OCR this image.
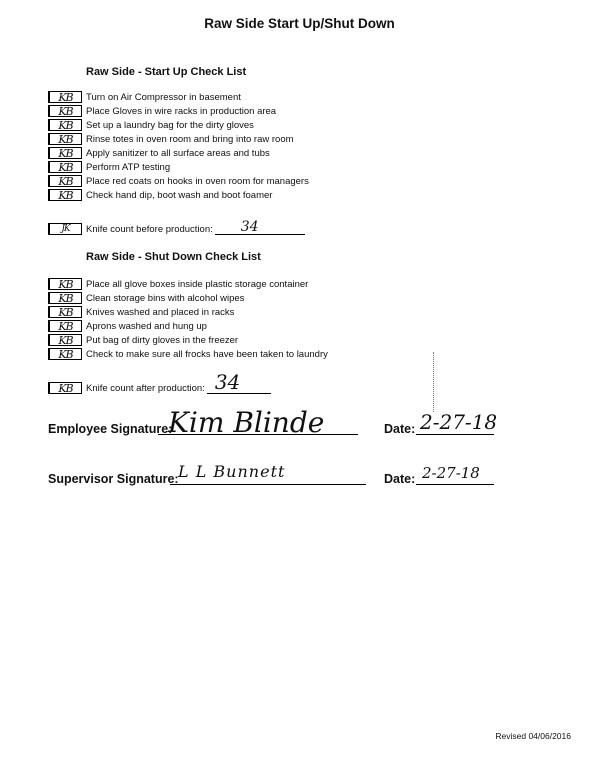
Raw Side Start Up/Shut Down
Raw Side - Start Up Check List
KB	Turn on Air Compressor in basement
KB	Place Gloves in wire racks in production area
KB	Set up a laundry bag for the dirty gloves
KB	Rinse totes in oven room and bring into raw room
KB	Apply sanitizer to all surface areas and tubs
KB	Perform ATP testing
KB	Place red coats on hooks in oven room for managers
KB	Check hand dip, boot wash and boot foamer
JK	Knife count before production: 34
Raw Side - Shut Down Check List
KB	Place all glove boxes inside plastic storage container
KB	Clean storage bins with alcohol wipes
KB	Knives washed and placed in racks
KB	Aprons washed and hung up
KB	Put bag of dirty gloves in the freezer
KB	Check to make sure all frocks have been taken to laundry
KB	Knife count after production: 34
Employee Signature:
Kim Blinde	Date: 2-27-18
Supervisor Signature: L L Bunnett	Date: 2-27-18
Revised 04/06/2016
